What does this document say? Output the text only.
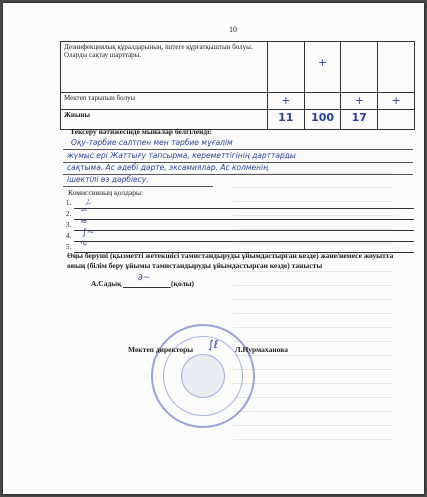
10
Дезинфекциялық құралдарының, іштеге құрғатқыштын болуы. Оларды сақтау шарттары.		+		
Мектеп тарыпын болуы	+		+	+
Жиыны	11	100	17	
Тексеру нәтижесінде мыналар белгіленді:
Оқу-тәрбие салтпен мен тәрбие мұғалім
жүмыс ері Жаттығу тапсырма, кереметтігінің дарттарды
сақтыма. Ас әдебі дәрте, эксамиялар. Ас колменің
ішектілі өз дәрбіесу.
Комиссияның қолдары:
1. ㄥ
2. ∽
3. ≈
4. ∫~
5. ∿
Өңы беруші (қызметті жетекшісі тамистандыруды ұйымдастырған кезде) және/немесе жоуытта оның (білім беру ұйымы тамистандыруды ұйымдастырған кезде) танысты
А.Садық
∂~
(қолы)
Мектеп директоры ∫ℓ Л.Нурмаханова
